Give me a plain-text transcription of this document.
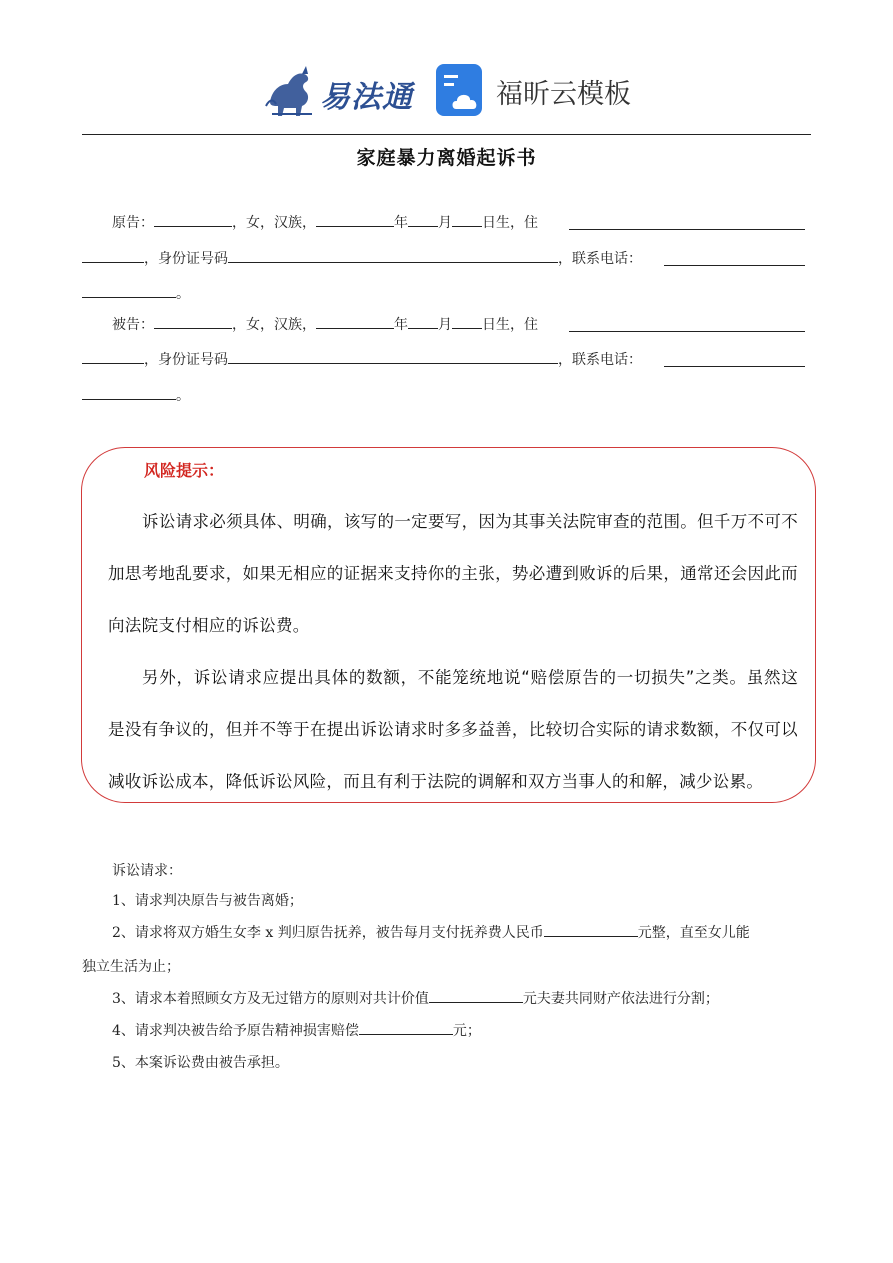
易法通	福昕云模板
家庭暴力离婚起诉书
原告：	，女，汉族，	年 月 日生，住
，身份证号码	，联系电话：
。
被告：	，女，汉族，	年 月 日生，住
，身份证号码	，联系电话：
。
风险提示：
诉讼请求必须具体、明确，该写的一定要写，因为其事关法院审查的范围。但千万不可不加思考地乱要求，如果无相应的证据来支持你的主张，势必遭到败诉的后果，通常还会因此而向法院支付相应的诉讼费。
另外，诉讼请求应提出具体的数额，不能笼统地说“赔偿原告的一切损失”之类。虽然这是没有争议的，但并不等于在提出诉讼请求时多多益善，比较切合实际的请求数额，不仅可以减收诉讼成本，降低诉讼风险，而且有利于法院的调解和双方当事人的和解，减少讼累。
诉讼请求：
1、请求判决原告与被告离婚；
2、请求将双方婚生女李 x 判归原告抚养，被告每月支付抚养费人民币	元整，直至女儿能
独立生活为止；
3、请求本着照顾女方及无过错方的原则对共计价值	元夫妻共同财产依法进行分割；
4、请求判决被告给予原告精神损害赔偿	元；
5、本案诉讼费由被告承担。
